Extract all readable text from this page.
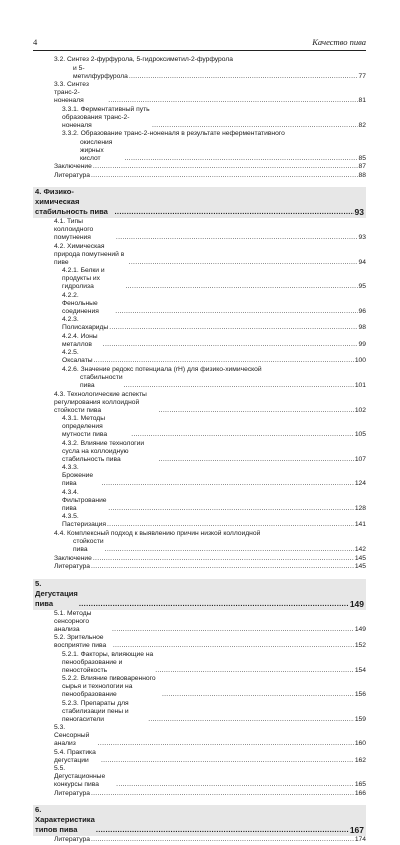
4	Качество пива
3.2. Синтез 2-фурфурола, 5-гидроксиметил-2-фурфурола
и 5-метилфурфурола .....	77
3.3. Синтез транс-2-ноненаля .....	81
3.3.1. Ферментативный путь образования транс-2-ноненаля .....	82
3.3.2. Образование транс-2-ноненаля в результате неферментативного
окисления жирных кислот .....	85
Заключение .....	87
Литература .....	88
4. Физико-химическая стабильность пива .....	93
4.1. Типы коллоидного помутнения .....	93
4.2. Химическая природа помутнений в пиве .....	94
4.2.1. Белки и продукты их гидролиза .....	95
4.2.2. Фенольные соединения .....	96
4.2.3. Полисахариды .....	98
4.2.4. Ионы металлов .....	99
4.2.5. Оксалаты .....	100
4.2.6. Значение редокс потенциала (rH) для физико-химической
стабильности пива .....	101
4.3. Технологические аспекты регулирования коллоидной стойкости пива .....	102
4.3.1. Методы определения мутности пива .....	105
4.3.2. Влияние технологии сусла на коллоидную стабильность пива .....	107
4.3.3. Брожение пива .....	124
4.3.4. Фильтрование пива .....	128
4.3.5. Пастеризация .....	141
4.4. Комплексный подход к выявлению причин низкой коллоидной
стойкости пива .....	142
Заключение .....	145
Литература .....	145
5. Дегустация пива .....	149
5.1. Методы сенсорного анализа .....	149
5.2. Зрительное восприятие пива .....	152
5.2.1. Факторы, влияющие на пенообразование и пеностойкость .....	154
5.2.2. Влияние пивоваренного сырья и технологии на пенообразование .....	156
5.2.3. Препараты для стабилизации пены и пеногасители .....	159
5.3. Сенсорный анализ .....	160
5.4. Практика дегустации .....	162
5.5. Дегустационные конкурсы пива .....	165
Литература .....	166
6. Характеристика типов пива .....	167
Литература .....	174
